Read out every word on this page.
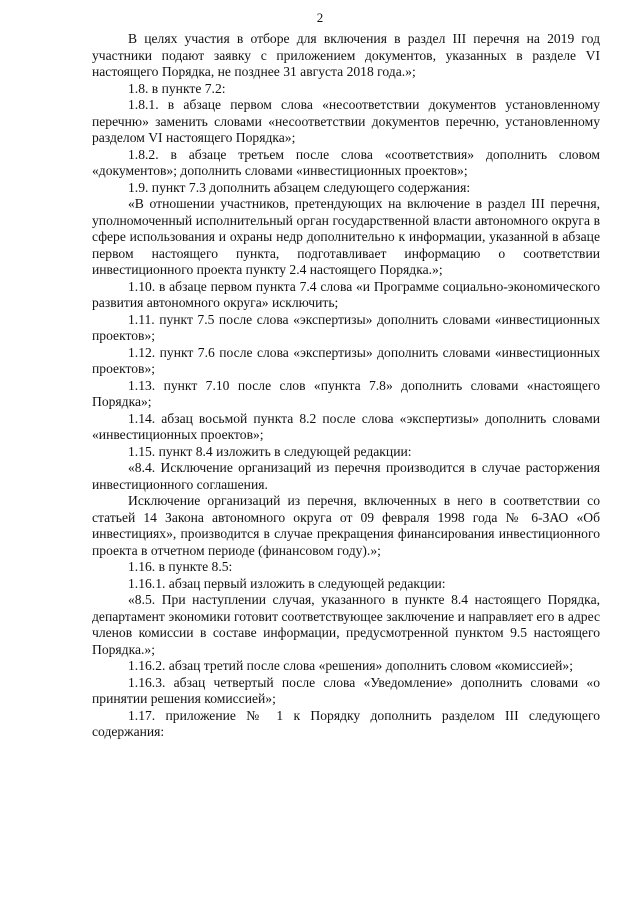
2

В целях участия в отборе для включения в раздел III перечня на 2019 год участники подают заявку с приложением документов, указанных в разделе VI настоящего Порядка, не позднее 31 августа 2018 года.»;

1.8. в пункте 7.2:

1.8.1. в абзаце первом слова «несоответствии документов установленному перечню» заменить словами «несоответствии документов перечню, установленному разделом VI настоящего Порядка»;

1.8.2. в абзаце третьем после слова «соответствия» дополнить словом «документов»; дополнить словами «инвестиционных проектов»;

1.9. пункт 7.3 дополнить абзацем следующего содержания:

«В отношении участников, претендующих на включение в раздел III перечня, уполномоченный исполнительный орган государственной власти автономного округа в сфере использования и охраны недр дополнительно к информации, указанной в абзаце первом настоящего пункта, подготавливает информацию о соответствии инвестиционного проекта пункту 2.4 настоящего Порядка.»;

1.10. в абзаце первом пункта 7.4 слова «и Программе социально-экономического развития автономного округа» исключить;

1.11. пункт 7.5 после слова «экспертизы» дополнить словами «инвестиционных проектов»;

1.12. пункт 7.6 после слова «экспертизы» дополнить словами «инвестиционных проектов»;

1.13. пункт 7.10 после слов «пункта 7.8» дополнить словами «настоящего Порядка»;

1.14. абзац восьмой пункта 8.2 после слова «экспертизы» дополнить словами «инвестиционных проектов»;

1.15. пункт 8.4 изложить в следующей редакции:

«8.4. Исключение организаций из перечня производится в случае расторжения инвестиционного соглашения.

Исключение организаций из перечня, включенных в него в соответствии со статьей 14 Закона автономного округа от 09 февраля 1998 года № 6-ЗАО «Об инвестициях», производится в случае прекращения финансирования инвестиционного проекта в отчетном периоде (финансовом году).»;

1.16. в пункте 8.5:

1.16.1. абзац первый изложить в следующей редакции:

«8.5. При наступлении случая, указанного в пункте 8.4 настоящего Порядка, департамент экономики готовит соответствующее заключение и направляет его в адрес членов комиссии в составе информации, предусмотренной пунктом 9.5 настоящего Порядка.»;

1.16.2. абзац третий после слова «решения» дополнить словом «комиссией»;

1.16.3. абзац четвертый после слова «Уведомление» дополнить словами «о принятии решения комиссией»;

1.17. приложение № 1 к Порядку дополнить разделом III следующего содержания:
